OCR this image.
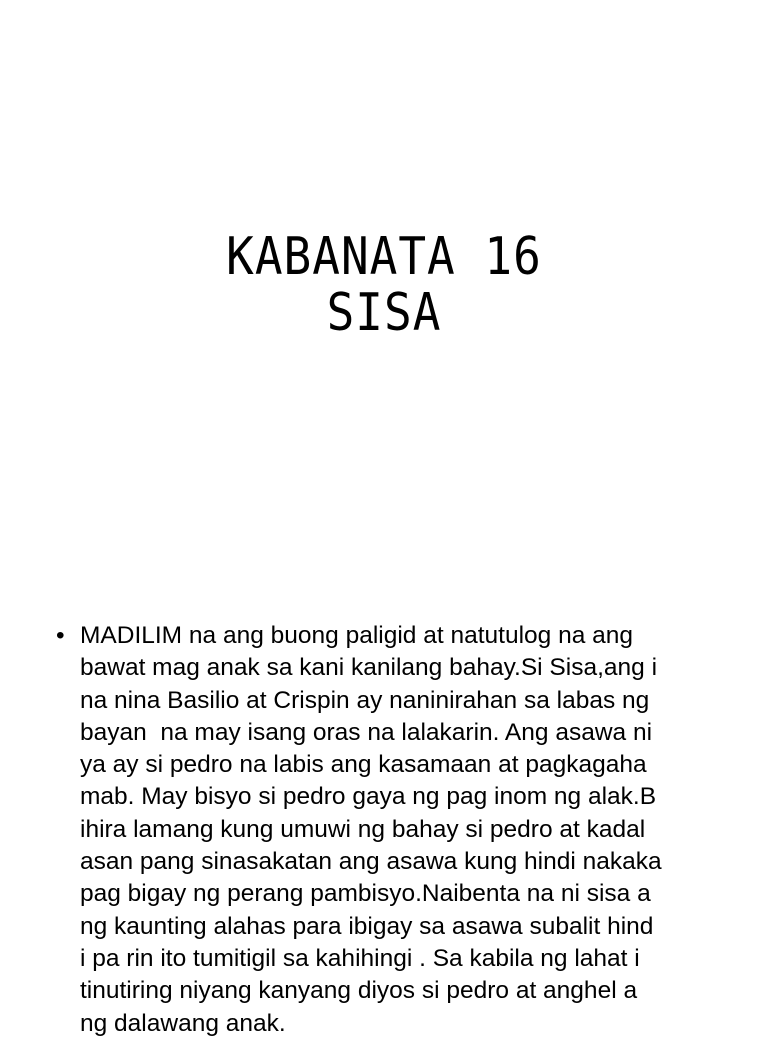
KABANATA 16
SISA
• MADILIM na ang buong paligid at natutulog na ang
bawat mag anak sa kani kanilang bahay.Si Sisa,ang i
na nina Basilio at Crispin ay naninirahan sa labas ng
bayan  na may isang oras na lalakarin. Ang asawa ni
ya ay si pedro na labis ang kasamaan at pagkagaha
mab. May bisyo si pedro gaya ng pag inom ng alak.B
ihira lamang kung umuwi ng bahay si pedro at kadal
asan pang sinasakatan ang asawa kung hindi nakaka
pag bigay ng perang pambisyo.Naibenta na ni sisa a
ng kaunting alahas para ibigay sa asawa subalit hind
i pa rin ito tumitigil sa kahihingi . Sa kabila ng lahat i
tinutiring niyang kanyang diyos si pedro at anghel a
ng dalawang anak.
